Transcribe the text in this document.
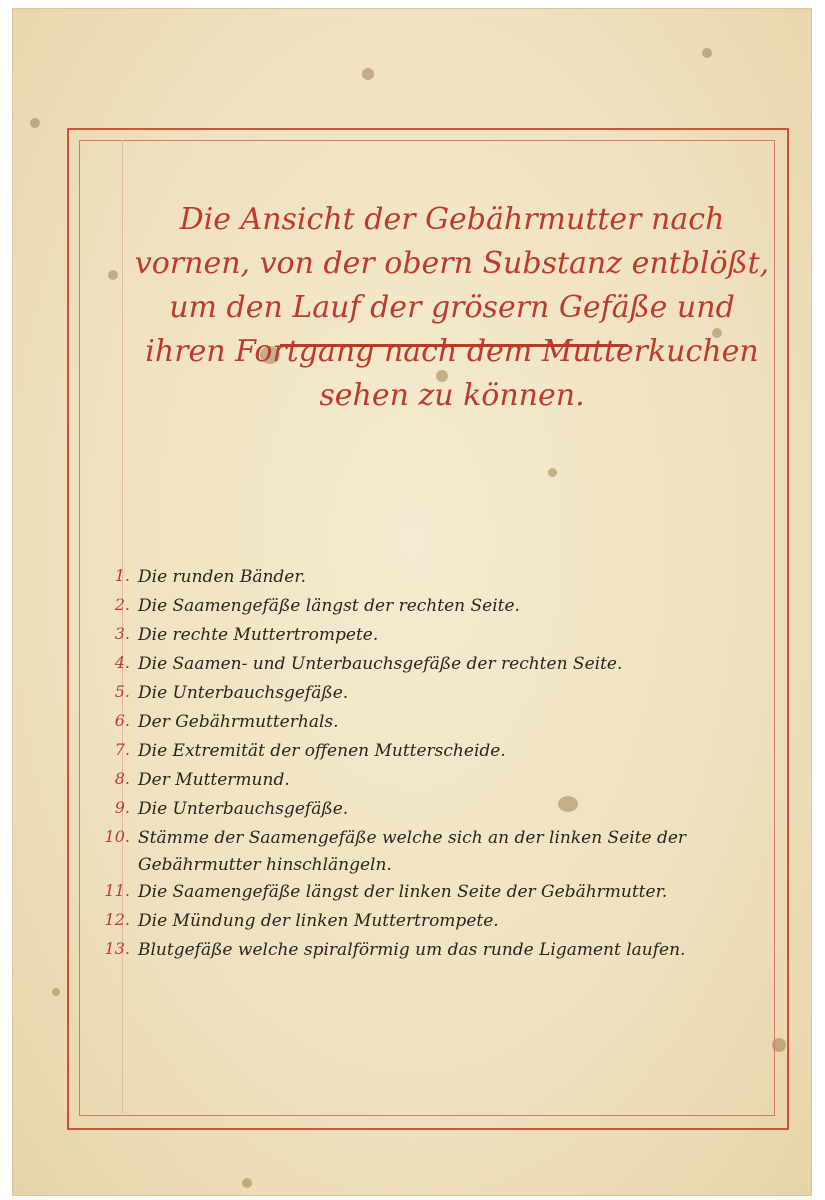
Die Ansicht der Gebährmutter nach vornen, von der obern Substanz entblößt, um den Lauf der grösern Gefäße und ihren Fortgang nach dem Mutterkuchen sehen zu können.
1. Die runden Bänder.
2. Die Saamengefäße längst der rechten Seite.
3. Die rechte Muttertrompete.
4. Die Saamen- und Unterbauchsgefäße der rechten Seite.
5. Die Unterbauchsgefäße.
6. Der Gebährmutterhals.
7. Die Extremität der offenen Mutterscheide.
8. Der Muttermund.
9. Die Unterbauchsgefäße.
10. Stämme der Saamengefäße welche sich an der linken Seite der Gebährmutter hinschlängeln.
11. Die Saamengefäße längst der linken Seite der Gebährmutter.
12. Die Mündung der linken Muttertrompete.
13. Blutgefäße welche spiralförmig um das runde Ligament laufen.
